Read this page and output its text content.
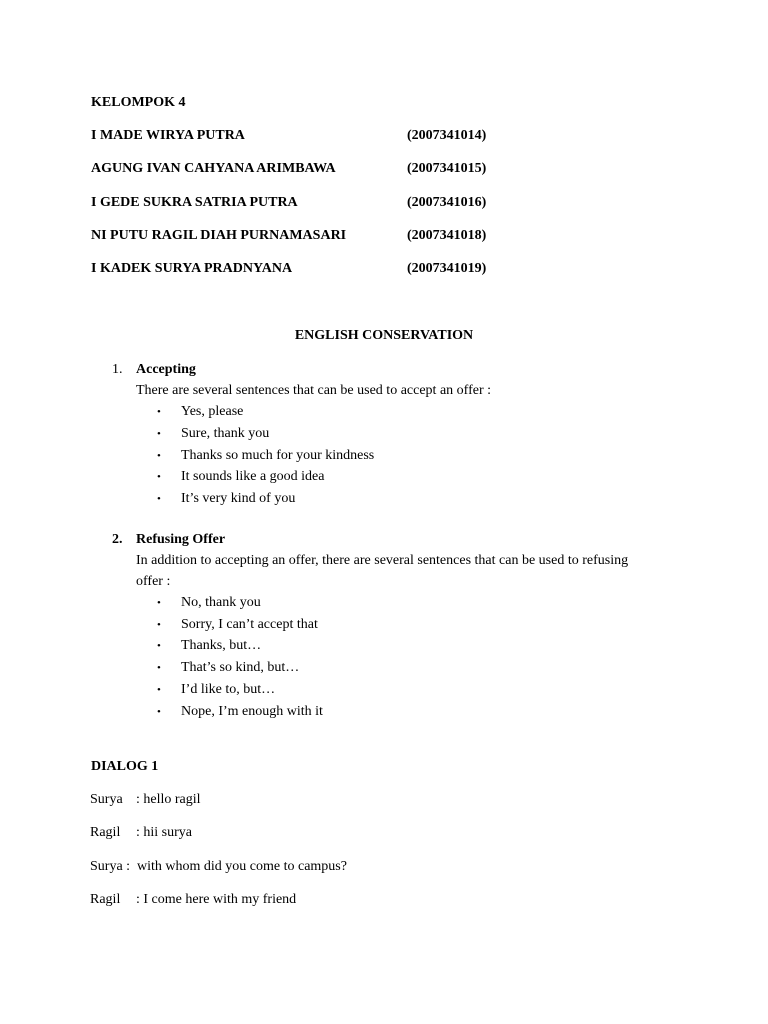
KELOMPOK 4
I MADE WIRYA PUTRA	(2007341014)
AGUNG IVAN CAHYANA ARIMBAWA	(2007341015)
I GEDE SUKRA SATRIA PUTRA	(2007341016)
NI PUTU RAGIL DIAH PURNAMASARI	(2007341018)
I KADEK SURYA PRADNYANA	(2007341019)
ENGLISH CONSERVATION
1. Accepting
There are several sentences that can be used to accept an offer :
• Yes, please
• Sure, thank you
• Thanks so much for your kindness
• It sounds like a good idea
• It’s very kind of you
2. Refusing Offer
In addition to accepting an offer, there are several sentences that can be used to refusing
offer :
• No, thank you
• Sorry, I can’t accept that
• Thanks, but…
• That’s so kind, but…
• I’d like to, but…
• Nope, I’m enough with it
DIALOG 1
Surya : hello ragil
Ragil : hii surya
Surya : with whom did you come to campus?
Ragil : I come here with my friend
